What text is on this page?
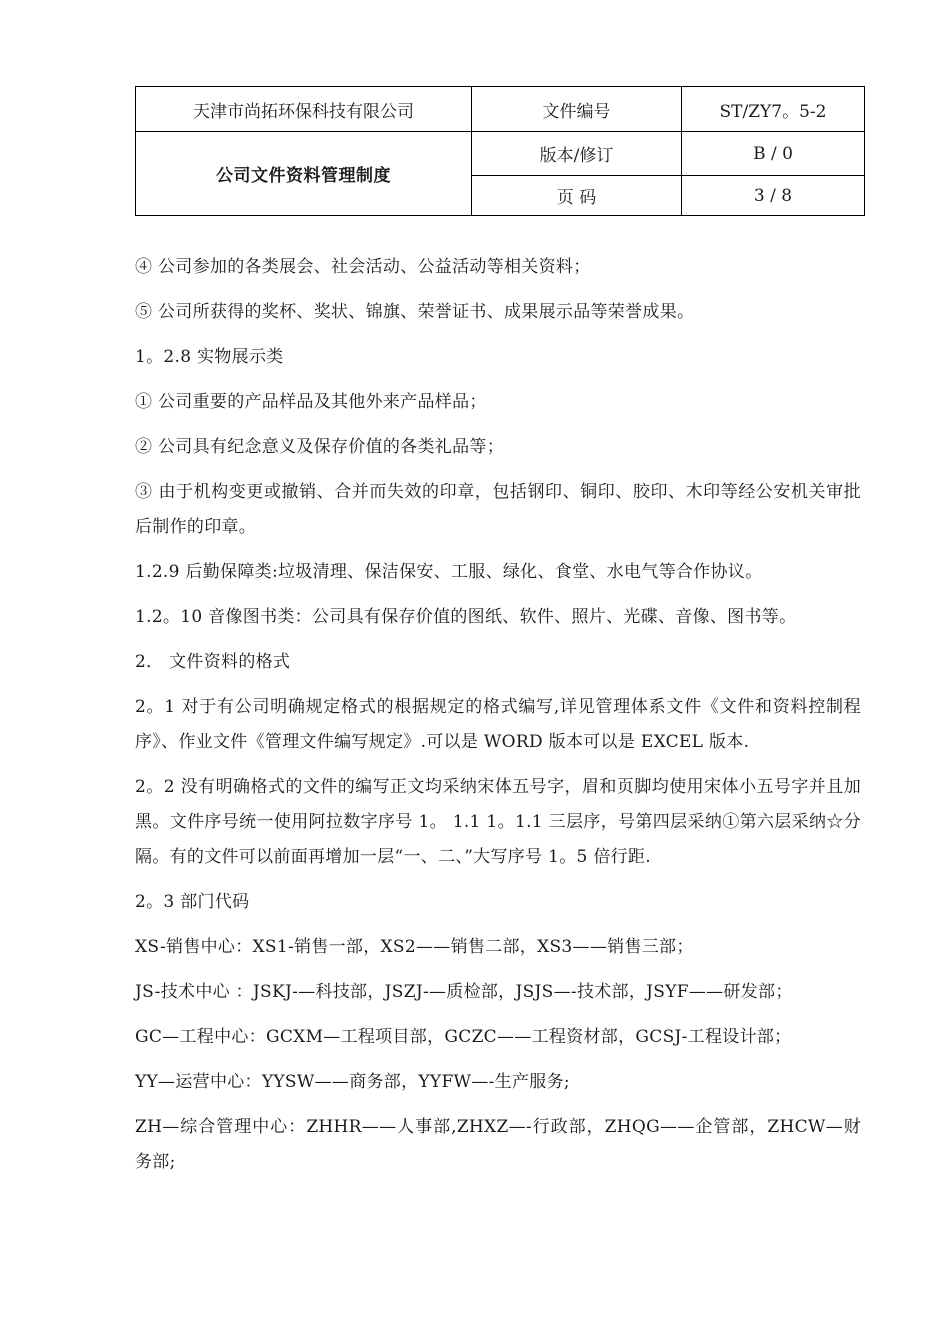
天津市尚拓环保科技有限公司	文件编号	ST/ZY7。5-2
公司文件资料管理制度	版本/修订	B / 0
	页 码	3 / 8

④ 公司参加的各类展会、社会活动、公益活动等相关资料；

⑤ 公司所获得的奖杯、奖状、锦旗、荣誉证书、成果展示品等荣誉成果。

1。2.8 实物展示类

① 公司重要的产品样品及其他外来产品样品；

② 公司具有纪念意义及保存价值的各类礼品等；

③ 由于机构变更或撤销、合并而失效的印章，包括钢印、铜印、胶印、木印等经公安机关审批后制作的印章。

1.2.9 后勤保障类:垃圾清理、保洁保安、工服、绿化、食堂、水电气等合作协议。

1.2。10 音像图书类：公司具有保存价值的图纸、软件、照片、光碟、音像、图书等。

2． 文件资料的格式

2。1 对于有公司明确规定格式的根据规定的格式编写,详见管理体系文件《文件和资料控制程序》、作业文件《管理文件编写规定》.可以是 WORD 版本可以是 EXCEL 版本.

2。2 没有明确格式的文件的编写正文均采纳宋体五号字，眉和页脚均使用宋体小五号字并且加黑。文件序号统一使用阿拉数字序号 1。 1.1 1。1.1 三层序，号第四层采纳①第六层采纳☆分隔。有的文件可以前面再增加一层“一、二、”大写序号 1。5 倍行距.

2。3 部门代码

XS-销售中心：XS1-销售一部，XS2——销售二部，XS3——销售三部；

JS-技术中心 ：JSKJ-—科技部，JSZJ-—质检部，JSJS—-技术部，JSYF——研发部；

GC—工程中心：GCXM—工程项目部，GCZC——工程资材部，GCSJ-工程设计部；

YY—运营中心：YYSW——商务部，YYFW—-生产服务;

ZH—综合管理中心：ZHHR——人事部,ZHXZ—-行政部，ZHQG——企管部，ZHCW—财务部;
